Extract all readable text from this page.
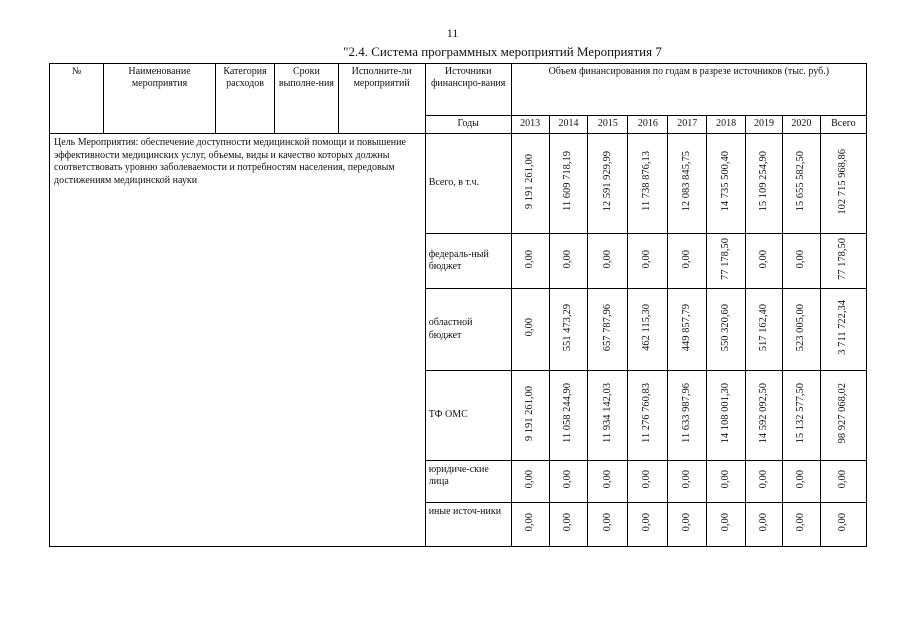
11
"2.4. Система программных мероприятий Мероприятия 7
№	Наименование мероприятия	Категория расходов	Сроки выполне-ния	Исполните-ли мероприятий	Источники финансиро-вания	Объем финансирования по годам в разрезе источников (тыс. руб.)								
					Годы	2013	2014	2015	2016	2017	2018	2019	2020	Всего
Цель Мероприятия: обеспечение доступности медицинской помощи и повышение эффективности медицинских услуг, объемы, виды и качество которых должны соответствовать уровню заболеваемости и потребностям населения, передовым достижениям медицинской науки					Всего, в т.ч.	9 191 261,00	11 609 718,19	12 591 929,99	11 738 876,13	12 083 845,75	14 735 500,40	15 109 254,90	15 655 582,50	102 715 968,86
					федераль-ный бюджет	0,00	0,00	0,00	0,00	0,00	77 178,50	0,00	0,00	77 178,50
					областной бюджет	0,00	551 473,29	657 787,96	462 115,30	449 857,79	550 320,60	517 162,40	523 005,00	3 711 722,34
					ТФ ОМС	9 191 261,00	11 058 244,90	11 934 142,03	11 276 760,83	11 633 987,96	14 108 001,30	14 592 092,50	15 132 577,50	98 927 068,02
					юридиче-ские лица	0,00	0,00	0,00	0,00	0,00	0,00	0,00	0,00	0,00
					иные источ-ники	0,00	0,00	0,00	0,00	0,00	0,00	0,00	0,00	0,00
